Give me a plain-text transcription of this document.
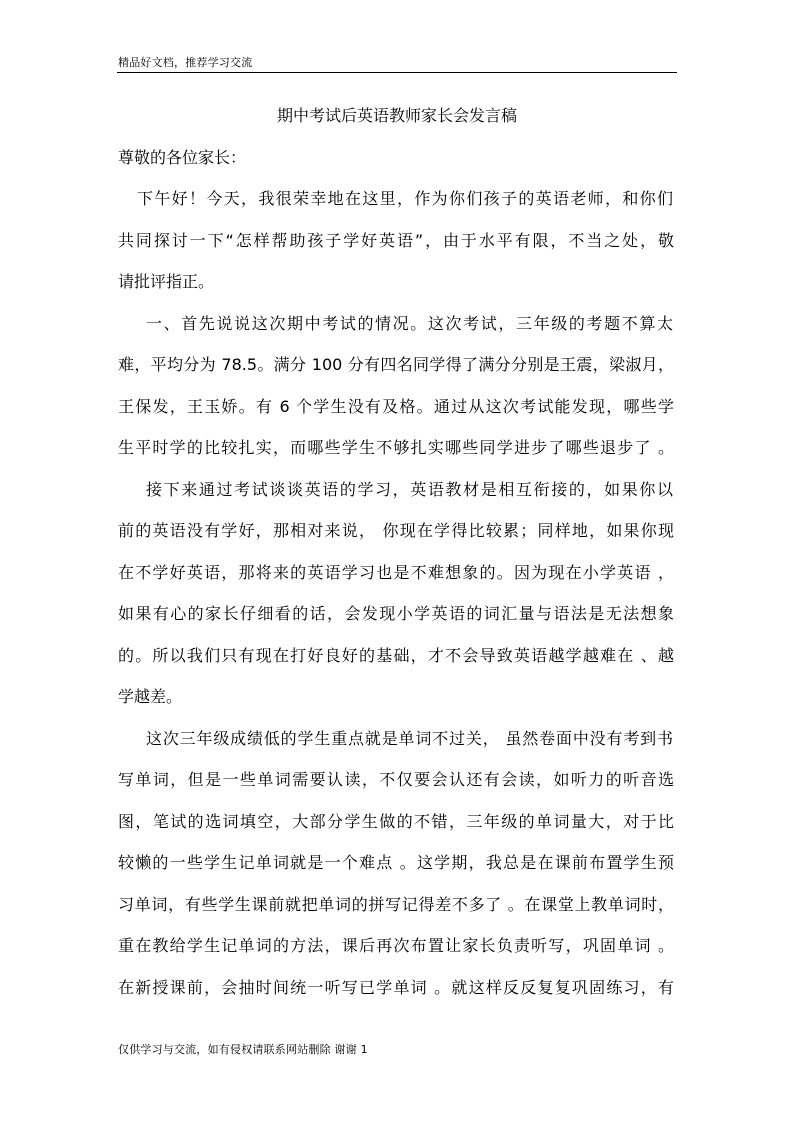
精品好文档，推荐学习交流
期中考试后英语教师家长会发言稿
尊敬的各位家长：
下午好！今天，我很荣幸地在这里，作为你们孩子的英语老师，和你们
共同探讨一下“怎样帮助孩子学好英语”，由于水平有限，不当之处，敬
请批评指正。
一、首先说说这次期中考试的情况。这次考试，三年级的考题不算太
难，平均分为 78.5。满分 100 分有四名同学得了满分分别是王震，梁淑月，
王保发，王玉娇。有 6 个学生没有及格。通过从这次考试能发现，哪些学
生平时学的比较扎实，而哪些学生不够扎实哪些同学进步了哪些退步了 。
接下来通过考试谈谈英语的学习，英语教材是相互衔接的，如果你以
前的英语没有学好，那相对来说， 你现在学得比较累；同样地，如果你现
在不学好英语，那将来的英语学习也是不难想象的。因为现在小学英语 ，
如果有心的家长仔细看的话，会发现小学英语的词汇量与语法是无法想象
的。所以我们只有现在打好良好的基础，才不会导致英语越学越难在 、越
学越差。
这次三年级成绩低的学生重点就是单词不过关， 虽然卷面中没有考到书
写单词，但是一些单词需要认读，不仅要会认还有会读，如听力的听音选
图，笔试的选词填空，大部分学生做的不错，三年级的单词量大，对于比
较懒的一些学生记单词就是一个难点 。这学期，我总是在课前布置学生预
习单词，有些学生课前就把单词的拼写记得差不多了 。在课堂上教单词时，
重在教给学生记单词的方法，课后再次布置让家长负责听写，巩固单词 。
在新授课前，会抽时间统一听写已学单词 。就这样反反复复巩固练习，有
仅供学习与交流，如有侵权请联系网站删除 谢谢 1
